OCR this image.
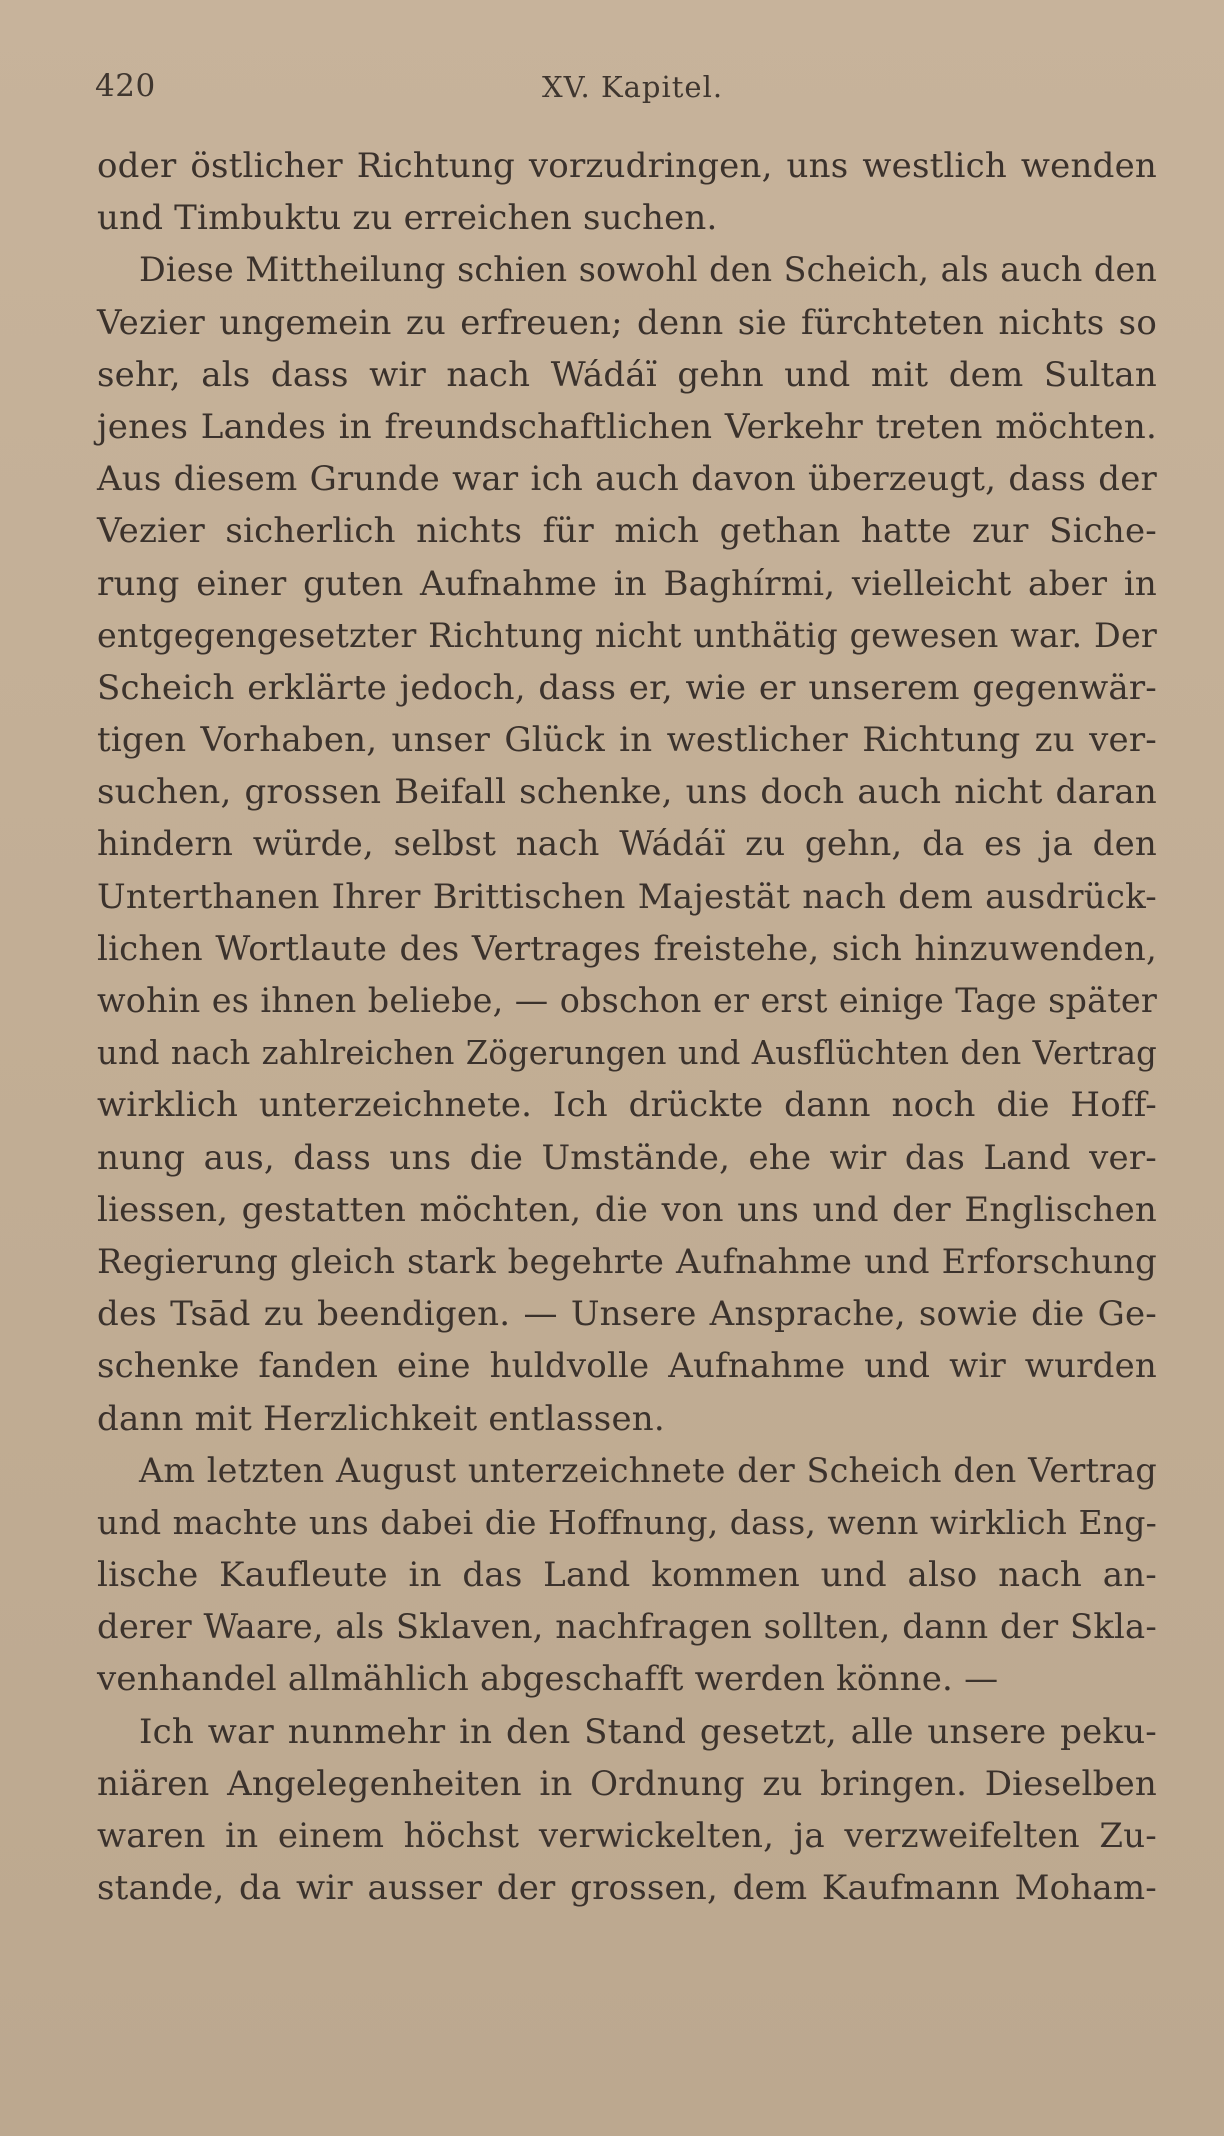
420	XV. Kapitel.
oder östlicher Richtung vorzudringen, uns westlich wenden
und Timbuktu zu erreichen suchen.
Diese Mittheilung schien sowohl den Scheich, als auch den
Vezier ungemein zu erfreuen; denn sie fürchteten nichts so
sehr, als dass wir nach Wádáï gehn und mit dem Sultan
jenes Landes in freundschaftlichen Verkehr treten möchten.
Aus diesem Grunde war ich auch davon überzeugt, dass der
Vezier sicherlich nichts für mich gethan hatte zur Siche-
rung einer guten Aufnahme in Baghírmi, vielleicht aber in
entgegengesetzter Richtung nicht unthätig gewesen war. Der
Scheich erklärte jedoch, dass er, wie er unserem gegenwär-
tigen Vorhaben, unser Glück in westlicher Richtung zu ver-
suchen, grossen Beifall schenke, uns doch auch nicht daran
hindern würde, selbst nach Wádáï zu gehn, da es ja den
Unterthanen Ihrer Brittischen Majestät nach dem ausdrück-
lichen Wortlaute des Vertrages freistehe, sich hinzuwenden,
wohin es ihnen beliebe, — obschon er erst einige Tage später
und nach zahlreichen Zögerungen und Ausflüchten den Vertrag
wirklich unterzeichnete. Ich drückte dann noch die Hoff-
nung aus, dass uns die Umstände, ehe wir das Land ver-
liessen, gestatten möchten, die von uns und der Englischen
Regierung gleich stark begehrte Aufnahme und Erforschung
des Tsād zu beendigen. — Unsere Ansprache, sowie die Ge-
schenke fanden eine huldvolle Aufnahme und wir wurden
dann mit Herzlichkeit entlassen.
Am letzten August unterzeichnete der Scheich den Vertrag
und machte uns dabei die Hoffnung, dass, wenn wirklich Eng-
lische Kaufleute in das Land kommen und also nach an-
derer Waare, als Sklaven, nachfragen sollten, dann der Skla-
venhandel allmählich abgeschafft werden könne. —
Ich war nunmehr in den Stand gesetzt, alle unsere peku-
niären Angelegenheiten in Ordnung zu bringen. Dieselben
waren in einem höchst verwickelten, ja verzweifelten Zu-
stande, da wir ausser der grossen, dem Kaufmann Moham-
